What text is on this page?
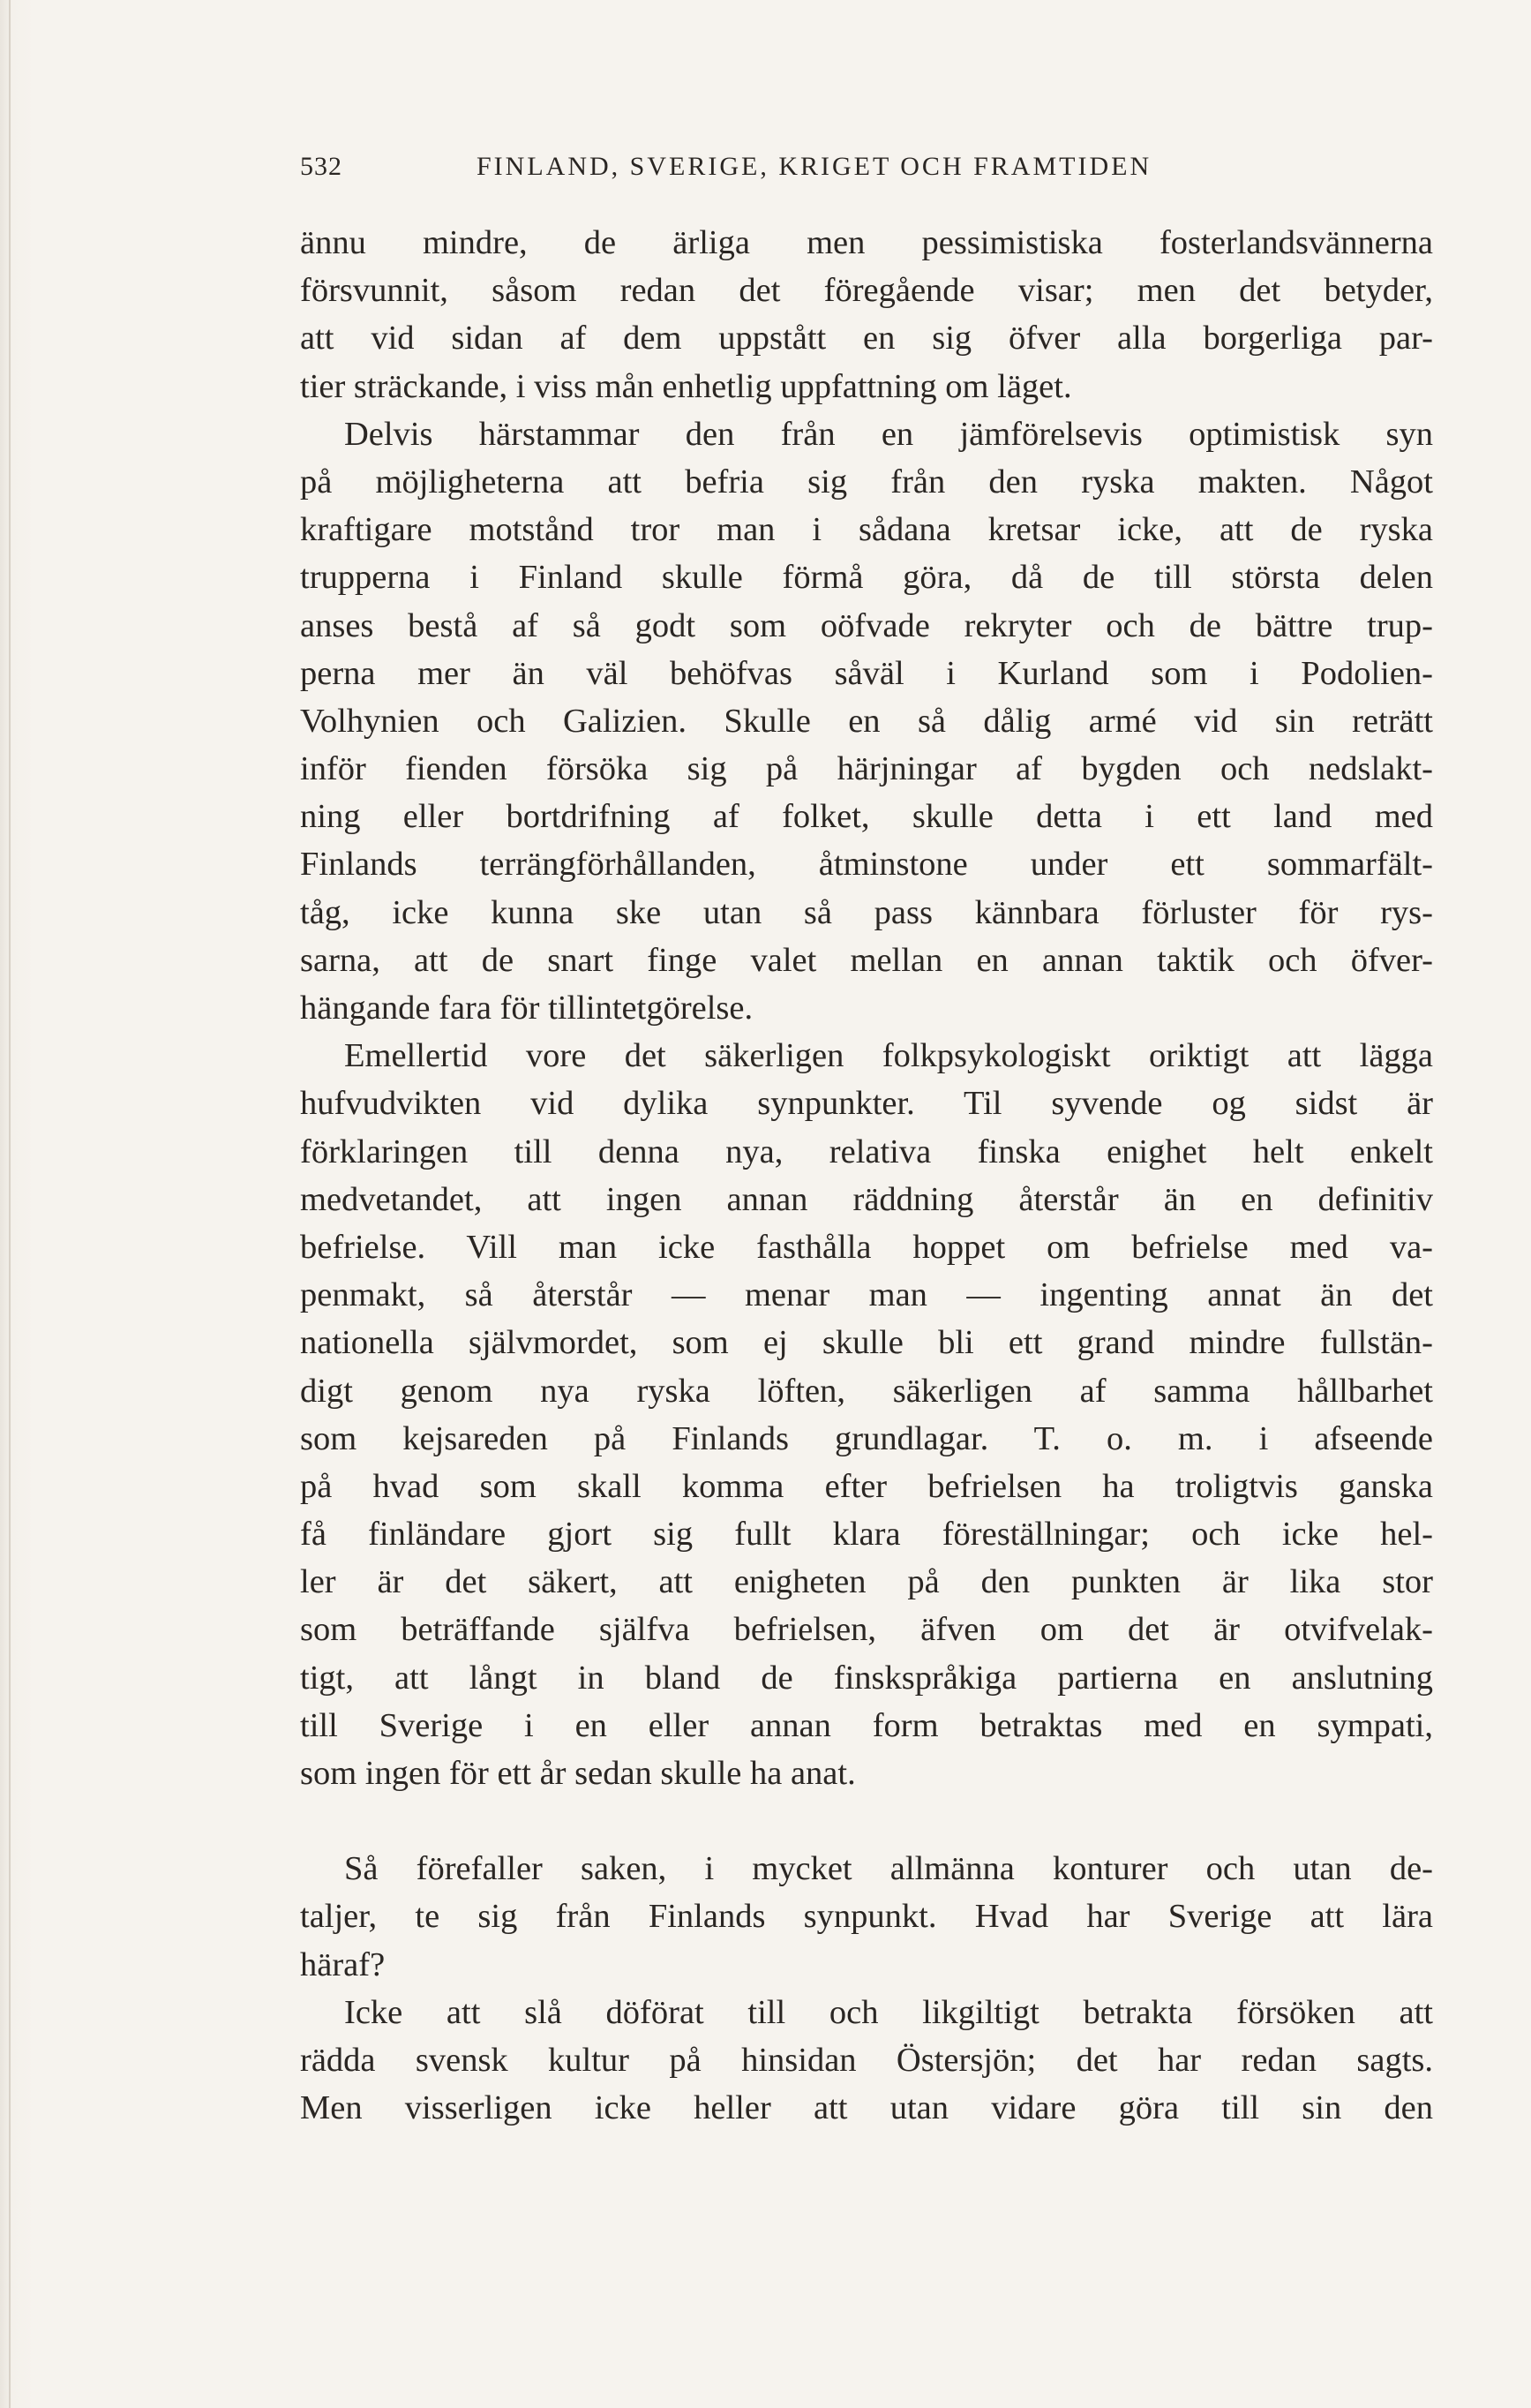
532	FINLAND, SVERIGE, KRIGET OCH FRAMTIDEN
ännu mindre, de ärliga men pessimistiska fosterlandsvännerna
försvunnit, såsom redan det föregående visar; men det betyder,
att vid sidan af dem uppstått en sig öfver alla borgerliga par-
tier sträckande, i viss mån enhetlig uppfattning om läget.
Delvis härstammar den från en jämförelsevis optimistisk syn
på möjligheterna att befria sig från den ryska makten. Något
kraftigare motstånd tror man i sådana kretsar icke, att de ryska
trupperna i Finland skulle förmå göra, då de till största delen
anses bestå af så godt som oöfvade rekryter och de bättre trup-
perna mer än väl behöfvas såväl i Kurland som i Podolien-
Volhynien och Galizien. Skulle en så dålig armé vid sin reträtt
inför fienden försöka sig på härjningar af bygden och nedslakt-
ning eller bortdrifning af folket, skulle detta i ett land med
Finlands terrängförhållanden, åtminstone under ett sommarfält-
tåg, icke kunna ske utan så pass kännbara förluster för rys-
sarna, att de snart finge valet mellan en annan taktik och öfver-
hängande fara för tillintetgörelse.
Emellertid vore det säkerligen folkpsykologiskt oriktigt att lägga
hufvudvikten vid dylika synpunkter. Til syvende og sidst är
förklaringen till denna nya, relativa finska enighet helt enkelt
medvetandet, att ingen annan räddning återstår än en definitiv
befrielse. Vill man icke fasthålla hoppet om befrielse med va-
penmakt, så återstår — menar man — ingenting annat än det
nationella självmordet, som ej skulle bli ett grand mindre fullstän-
digt genom nya ryska löften, säkerligen af samma hållbarhet
som kejsareden på Finlands grundlagar. T. o. m. i afseende
på hvad som skall komma efter befrielsen ha troligtvis ganska
få finländare gjort sig fullt klara föreställningar; och icke hel-
ler är det säkert, att enigheten på den punkten är lika stor
som beträffande själfva befrielsen, äfven om det är otvifvelak-
tigt, att långt in bland de finskspråkiga partierna en anslutning
till Sverige i en eller annan form betraktas med en sympati,
som ingen för ett år sedan skulle ha anat.
Så förefaller saken, i mycket allmänna konturer och utan de-
taljer, te sig från Finlands synpunkt. Hvad har Sverige att lära
häraf?
Icke att slå döförat till och likgiltigt betrakta försöken att
rädda svensk kultur på hinsidan Östersjön; det har redan sagts.
Men visserligen icke heller att utan vidare göra till sin den
